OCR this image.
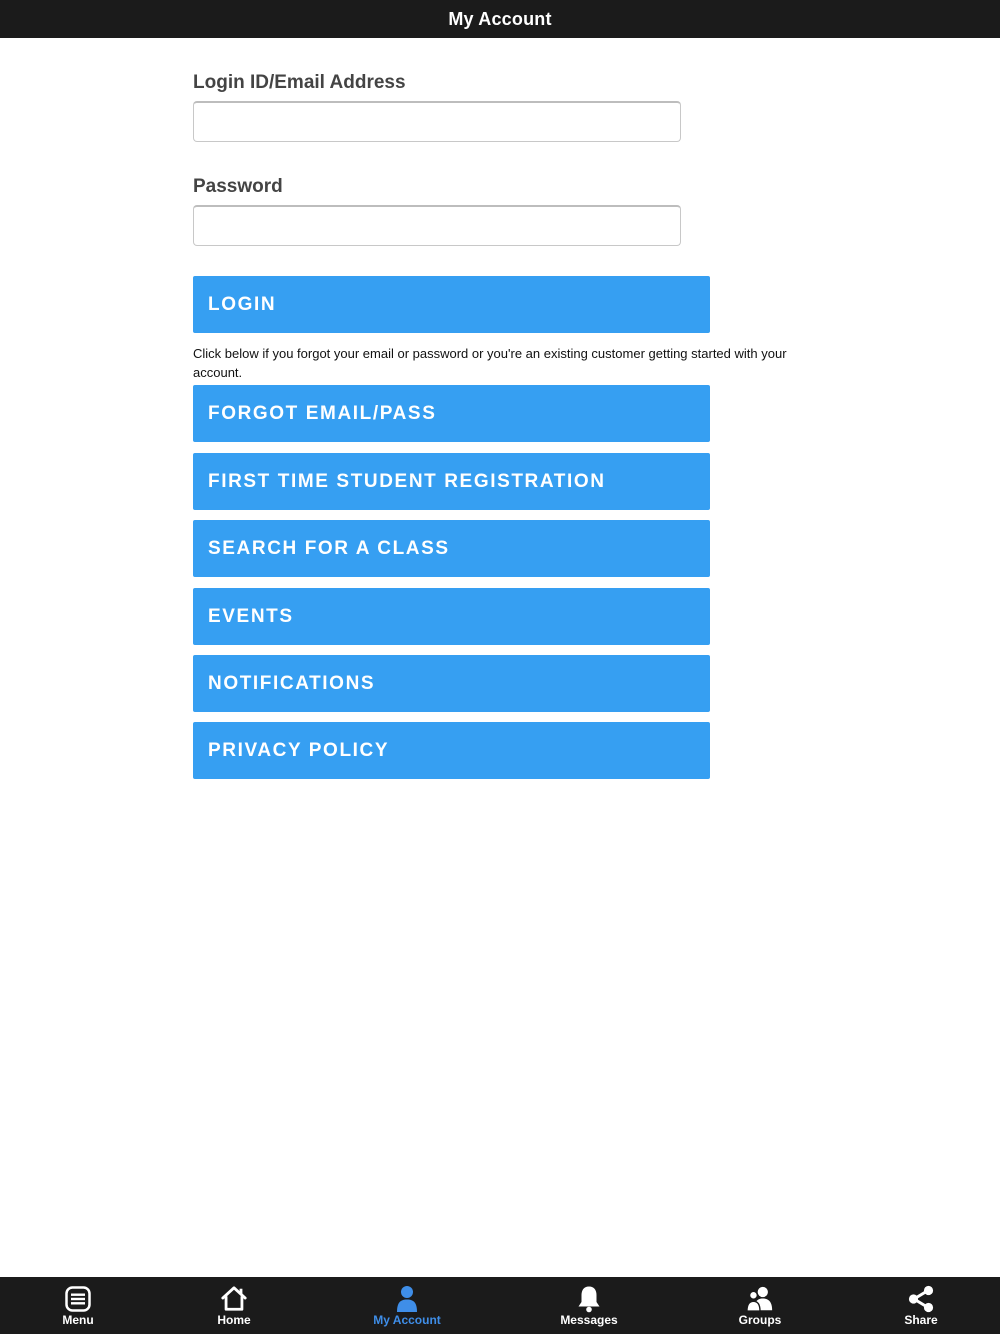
My Account
Login ID/Email Address
Password
LOGIN
Click below if you forgot your email or password or you're an existing customer getting started with your account.
FORGOT EMAIL/PASS
FIRST TIME STUDENT REGISTRATION
SEARCH FOR A CLASS
EVENTS
NOTIFICATIONS
PRIVACY POLICY
Menu	Home	My Account	Messages	Groups	Share
